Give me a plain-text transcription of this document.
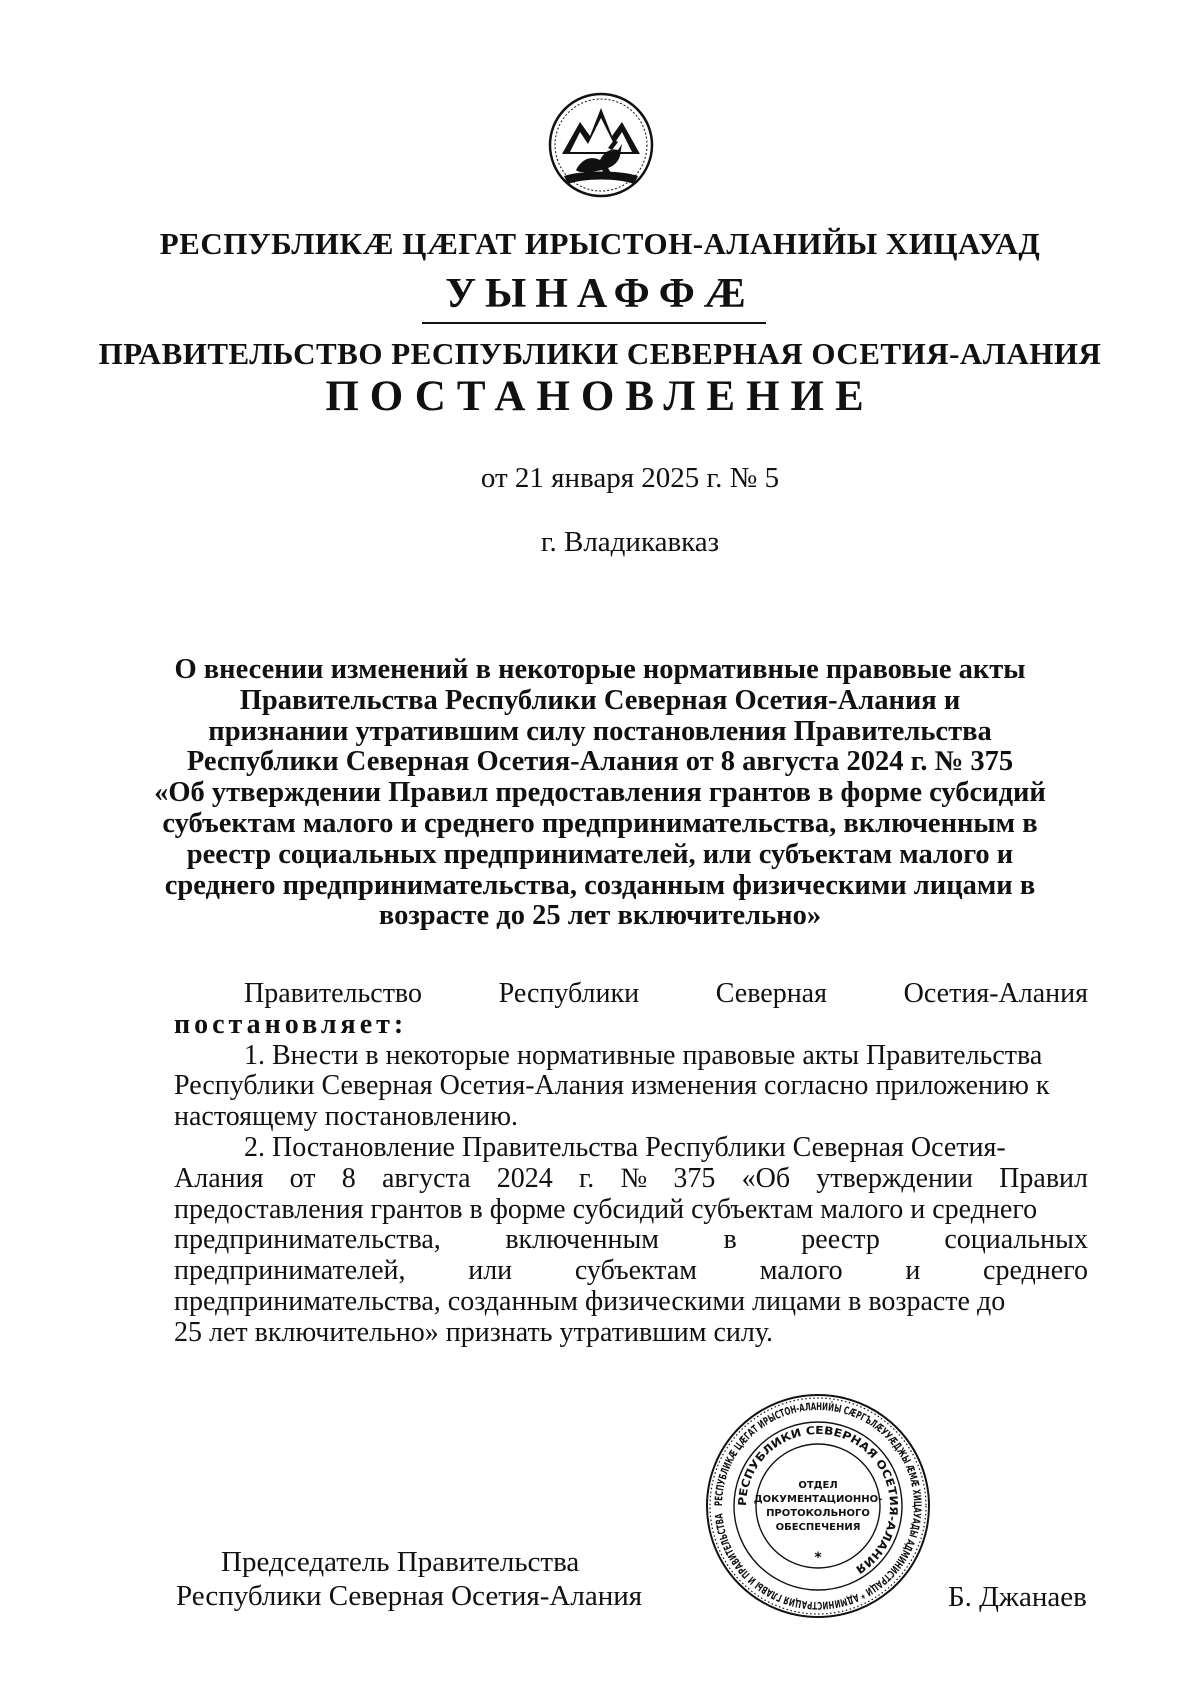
РЕСПУБЛИКӔ ЦӔГАТ ИРЫСТОН-АЛАНИЙЫ ХИЦАУАД
УЫНАФФӔ
ПРАВИТЕЛЬСТВО РЕСПУБЛИКИ СЕВЕРНАЯ ОСЕТИЯ-АЛАНИЯ
ПОСТАНОВЛЕНИЕ
от 21 января 2025 г. № 5
г. Владикавказ
О внесении изменений в некоторые нормативные правовые акты
Правительства Республики Северная Осетия-Алания и
признании утратившим силу постановления Правительства
Республики Северная Осетия-Алания от 8 августа 2024 г. № 375
«Об утверждении Правил предоставления грантов в форме субсидий
субъектам малого и среднего предпринимательства, включенным в
реестр социальных предпринимателей, или субъектам малого и
среднего предпринимательства, созданным физическими лицами в
возрасте до 25 лет включительно»
Правительство	Республики	Северная	Осетия-Алания
постановляет:
1. Внести в некоторые нормативные правовые акты Правительства
Республики Северная Осетия-Алания изменения согласно приложению к
настоящему постановлению.
2. Постановление Правительства Республики Северная Осетия-
Алания от 8 августа 2024 г. № 375 «Об утверждении Правил
предоставления грантов в форме субсидий субъектам малого и среднего
предпринимательства, включенным в реестр социальных
предпринимателей, или субъектам малого и среднего
предпринимательства, созданным физическими лицами в возрасте до
25 лет включительно» признать утратившим силу.
РЕСПУБЛИКӔ ЦӔГАТ ИРЫСТОН-АЛАНИЙЫ СӔРГЪЛӔУУӔДЖЫ ӔМӔ ХИЦАУАДЫ АДМИНИСТРАЦИ * АДМИНИСТРАЦИЯ ГЛАВЫ И ПРАВИТЕЛЬСТВА
РЕСПУБЛИКИ СЕВЕРНАЯ ОСЕТИЯ-АЛАНИЯ
ОТДЕЛ
ДОКУМЕНТАЦИОННО-
ПРОТОКОЛЬНОГО
ОБЕСПЕЧЕНИЯ
*
Председатель Правительства
Республики Северная Осетия-Алания	Б. Джанаев
